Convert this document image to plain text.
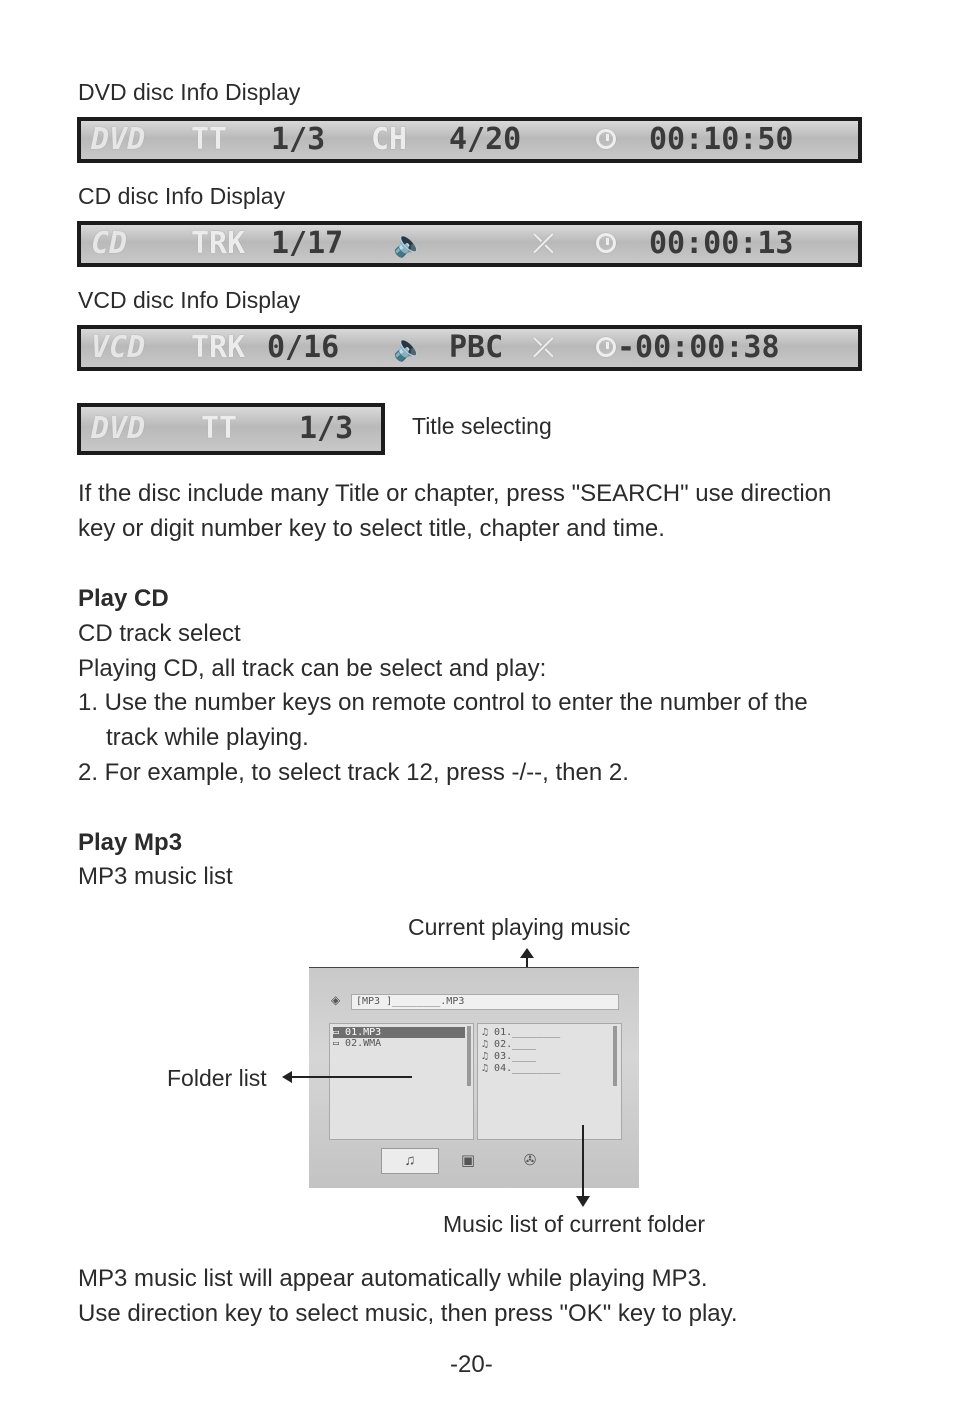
DVD disc Info Display
DVD TT 1/3 CH 4/20	00:10:50
CD disc Info Display
CD TRK 1/17 🔈	⤫	00:00:13
VCD disc Info Display
VCD TRK 0/16 🔈 PBC ⤫ -00:00:38
DVD TT 1/3	Title selecting
If the disc include many Title or chapter, press "SEARCH" use direction
key or digit number key to select title, chapter and time.
Play CD
CD track select
Playing CD, all track can be select and play:
1. Use the number keys on remote control to enter the number of the
track while playing.
2. For example, to select track 12, press -/--, then 2.
Play Mp3
MP3 music list
Current playing music
◈	[MP3 ]________.MP3
▭ 01.MP3
▭ 02.WMA
♫ 01.________
♫ 02.____
♫ 03.____
♫ 04.________
♫	▣	✇
Folder list
Music list of current folder
MP3 music list will appear automatically while playing MP3.
Use direction key to select music, then press "OK" key to play.
-20-
